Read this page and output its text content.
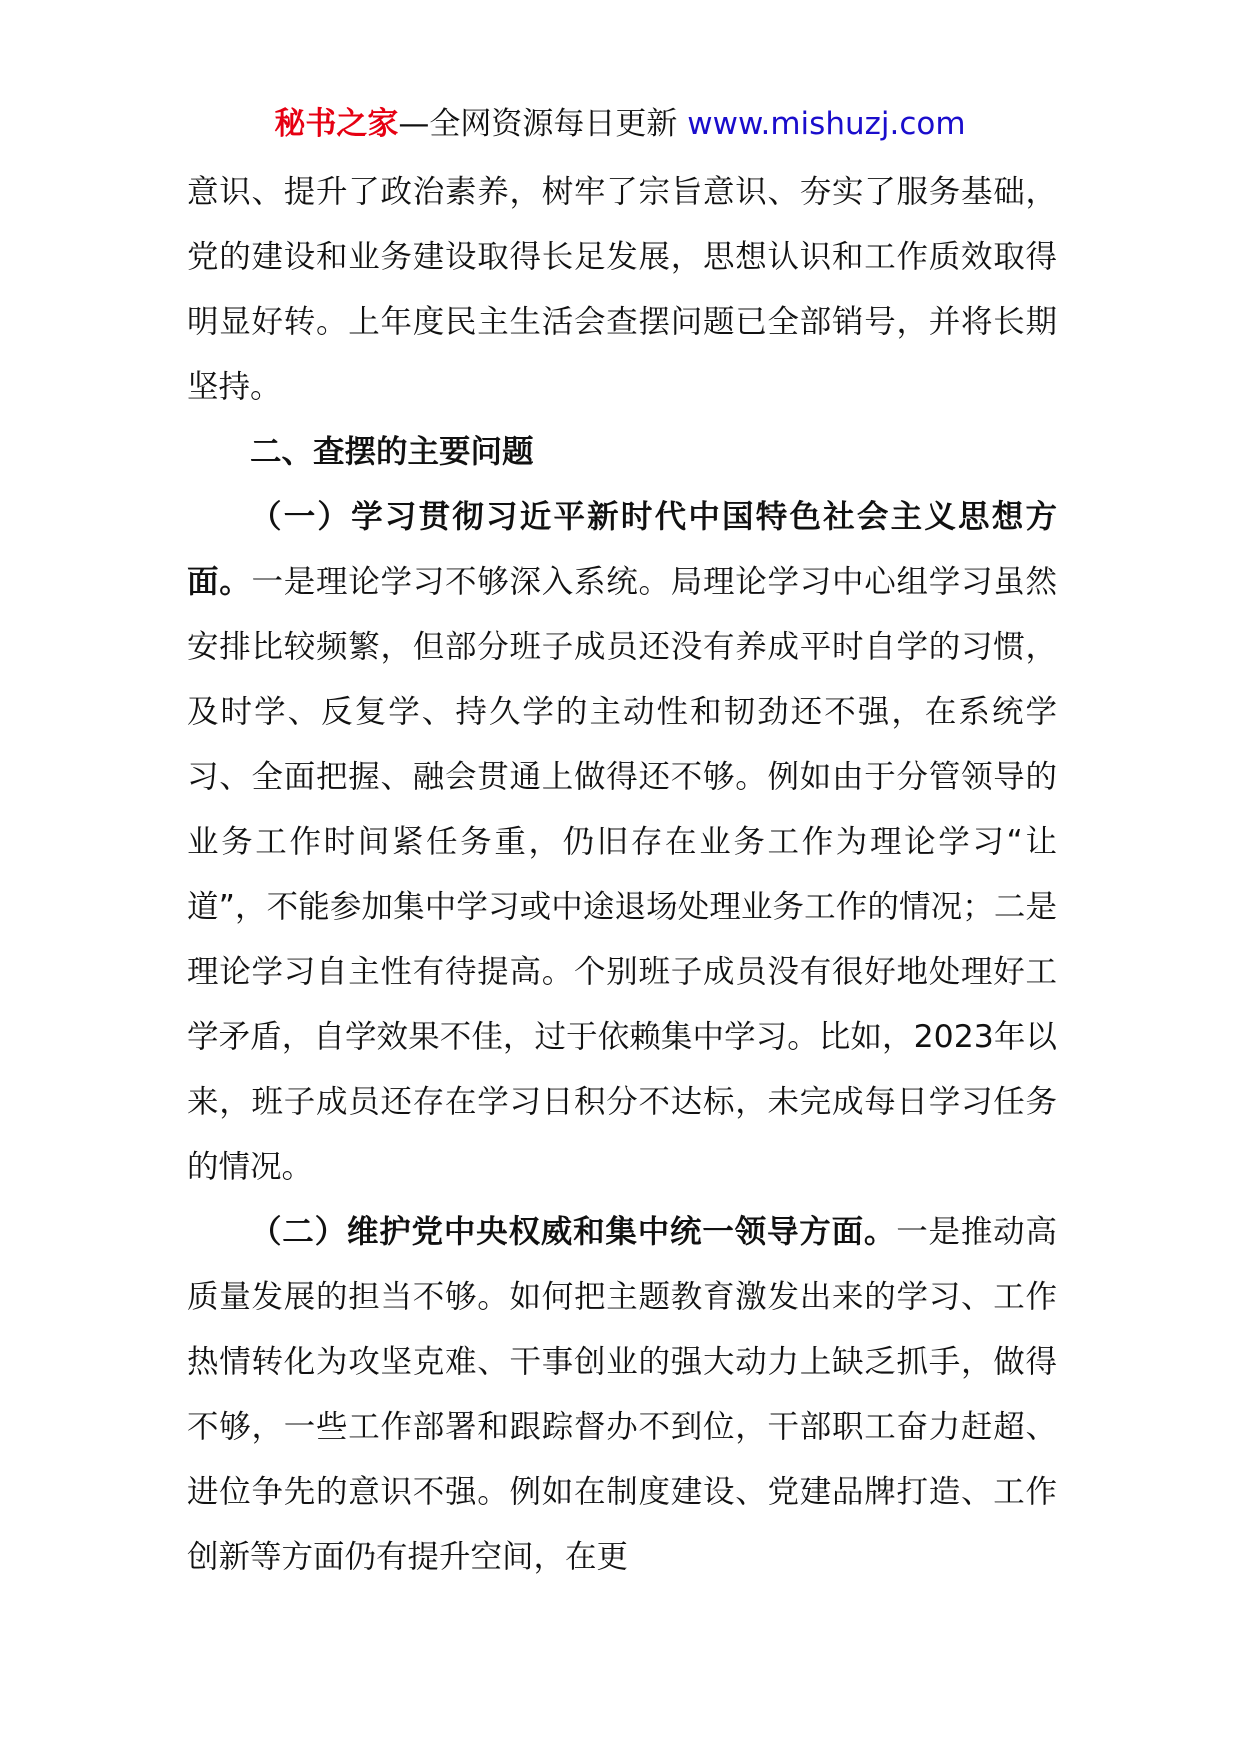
秘书之家—全网资源每日更新 www.mishuzj.com

意识、提升了政治素养，树牢了宗旨意识、夯实了服务基础，党的建设和业务建设取得长足发展，思想认识和工作质效取得明显好转。上年度民主生活会查摆问题已全部销号，并将长期坚持。

二、查摆的主要问题

（一）学习贯彻习近平新时代中国特色社会主义思想方面。一是理论学习不够深入系统。局理论学习中心组学习虽然安排比较频繁，但部分班子成员还没有养成平时自学的习惯，及时学、反复学、持久学的主动性和韧劲还不强，在系统学习、全面把握、融会贯通上做得还不够。例如由于分管领导的业务工作时间紧任务重，仍旧存在业务工作为理论学习“让道”，不能参加集中学习或中途退场处理业务工作的情况；二是理论学习自主性有待提高。个别班子成员没有很好地处理好工学矛盾，自学效果不佳，过于依赖集中学习。比如，2023年以来，班子成员还存在学习日积分不达标，未完成每日学习任务的情况。

（二）维护党中央权威和集中统一领导方面。一是推动高质量发展的担当不够。如何把主题教育激发出来的学习、工作热情转化为攻坚克难、干事创业的强大动力上缺乏抓手，做得不够，一些工作部署和跟踪督办不到位，干部职工奋力赶超、进位争先的意识不强。例如在制度建设、党建品牌打造、工作创新等方面仍有提升空间，在更
